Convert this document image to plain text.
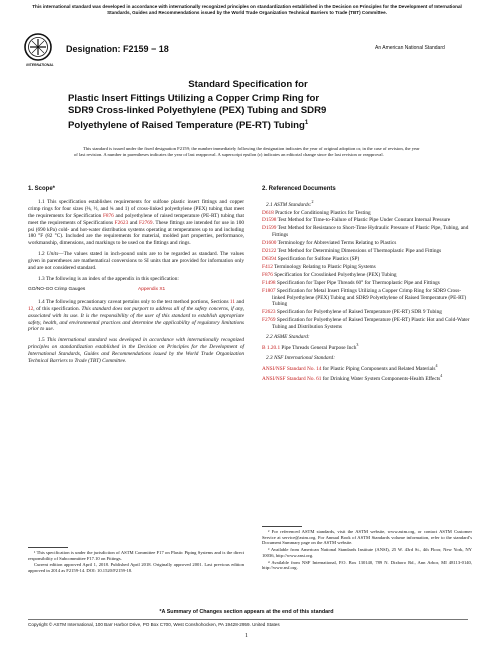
This international standard was developed in accordance with internationally recognized principles on standardization established in the Decision on Principles for the Development of International Standards, Guides and Recommendations issued by the World Trade Organization Technical Barriers to Trade (TBT) Committee.
INTERNATIONAL
Designation: F2159 − 18	An American National Standard
Standard Specification for
Plastic Insert Fittings Utilizing a Copper Crimp Ring for
SDR9 Cross-linked Polyethylene (PEX) Tubing and SDR9
Polyethylene of Raised Temperature (PE-RT) Tubing$^1$
This standard is issued under the fixed designation F2159; the number immediately following the designation indicates the year of original adoption or, in the case of revision, the year of last revision. A number in parentheses indicates the year of last reapproval. A superscript epsilon (ε) indicates an editorial change since the last revision or reapproval.
1. Scope*

1.1 This specification establishes requirements for sulfone plastic insert fittings and copper crimp rings for four sizes (⅜, ½, and ¾ and 1) of cross-linked polyethylene (PEX) tubing that meet the requirements for Specification F876 and polyethylene of raised temperature (PE-RT) tubing that meet the requirements of Specifications F2623 and F2769. These fittings are intended for use in 100 psi (690 kPa) cold- and hot-water distribution systems operating at temperatures up to and including 180 °F (82 °C). Included are the requirements for material, molded part properties, performance, workmanship, dimensions, and markings to be used on the fittings and rings.

1.2 Units—The values stated in inch-pound units are to be regarded as standard. The values given in parentheses are mathematical conversions to SI units that are provided for information only and are not considered standard.

1.3 The following is an index of the appendix in this specification:

GO/NO-GO Crimp Gauges	Appendix X1

1.4 The following precautionary caveat pertains only to the test method portions, Sections 11 and 12, of this specification. This standard does not purport to address all of the safety concerns, if any, associated with its use. It is the responsibility of the user of this standard to establish appropriate safety, health, and environmental practices and determine the applicability of regulatory limitations prior to use.

1.5 This international standard was developed in accordance with internationally recognized principles on standardization established in the Decision on Principles for the Development of International Standards, Guides and Recommendations issued by the World Trade Organization Technical Barriers to Trade (TBT) Committee.

2. Referenced Documents
2.1 ASTM Standards:$^2$
D618 Practice for Conditioning Plastics for Testing
D1598 Test Method for Time-to-Failure of Plastic Pipe Under Constant Internal Pressure
D1599 Test Method for Resistance to Short-Time Hydraulic Pressure of Plastic Pipe, Tubing, and Fittings
D1600 Terminology for Abbreviated Terms Relating to Plastics
D2122 Test Method for Determining Dimensions of Thermoplastic Pipe and Fittings
D6394 Specification for Sulfone Plastics (SP)
F412 Terminology Relating to Plastic Piping Systems
F876 Specification for Crosslinked Polyethylene (PEX) Tubing
F1498 Specification for Taper Pipe Threads 60° for Thermoplastic Pipe and Fittings
F1807 Specification for Metal Insert Fittings Utilizing a Copper Crimp Ring for SDR9 Cross-linked Polyethylene (PEX) Tubing and SDR9 Polyethylene of Raised Temperature (PE-RT) Tubing
F2623 Specification for Polyethylene of Raised Temperature (PE-RT) SDR 9 Tubing
F2769 Specification for Polyethylene of Raised Temperature (PE-RT) Plastic Hot and Cold-Water Tubing and Distribution Systems
2.2 ASME Standard:
B 1.20.1 Pipe Threads General Purpose Inch$^3$
2.3 NSF International Standard:
ANSI/NSF Standard No. 14 for Plastic Piping Components and Related Materials$^4$
ANSI/NSF Standard No. 61 for Drinking Water System Components-Health Effects$^4$

¹ This specification is under the jurisdiction of ASTM Committee F17 on Plastic Piping Systems and is the direct responsibility of Subcommittee F17.10 on Fittings.

Current edition approved April 1, 2018. Published April 2018. Originally approved 2001. Last previous edition approved in 2014 as F2159-14. DOI: 10.1520/F2159-18.

² For referenced ASTM standards, visit the ASTM website, www.astm.org, or contact ASTM Customer Service at service@astm.org. For Annual Book of ASTM Standards volume information, refer to the standard’s Document Summary page on the ASTM website.

³ Available from American National Standards Institute (ANSI), 25 W. 43rd St., 4th Floor, New York, NY 10036, http://www.ansi.org.

⁴ Available from NSF International, P.O. Box 130140, 789 N. Dixboro Rd., Ann Arbor, MI 48113-0140, http://www.nsf.org.

*A Summary of Changes section appears at the end of this standard
Copyright © ASTM International, 100 Barr Harbor Drive, PO Box C700, West Conshohocken, PA 19428-2959. United States
1
